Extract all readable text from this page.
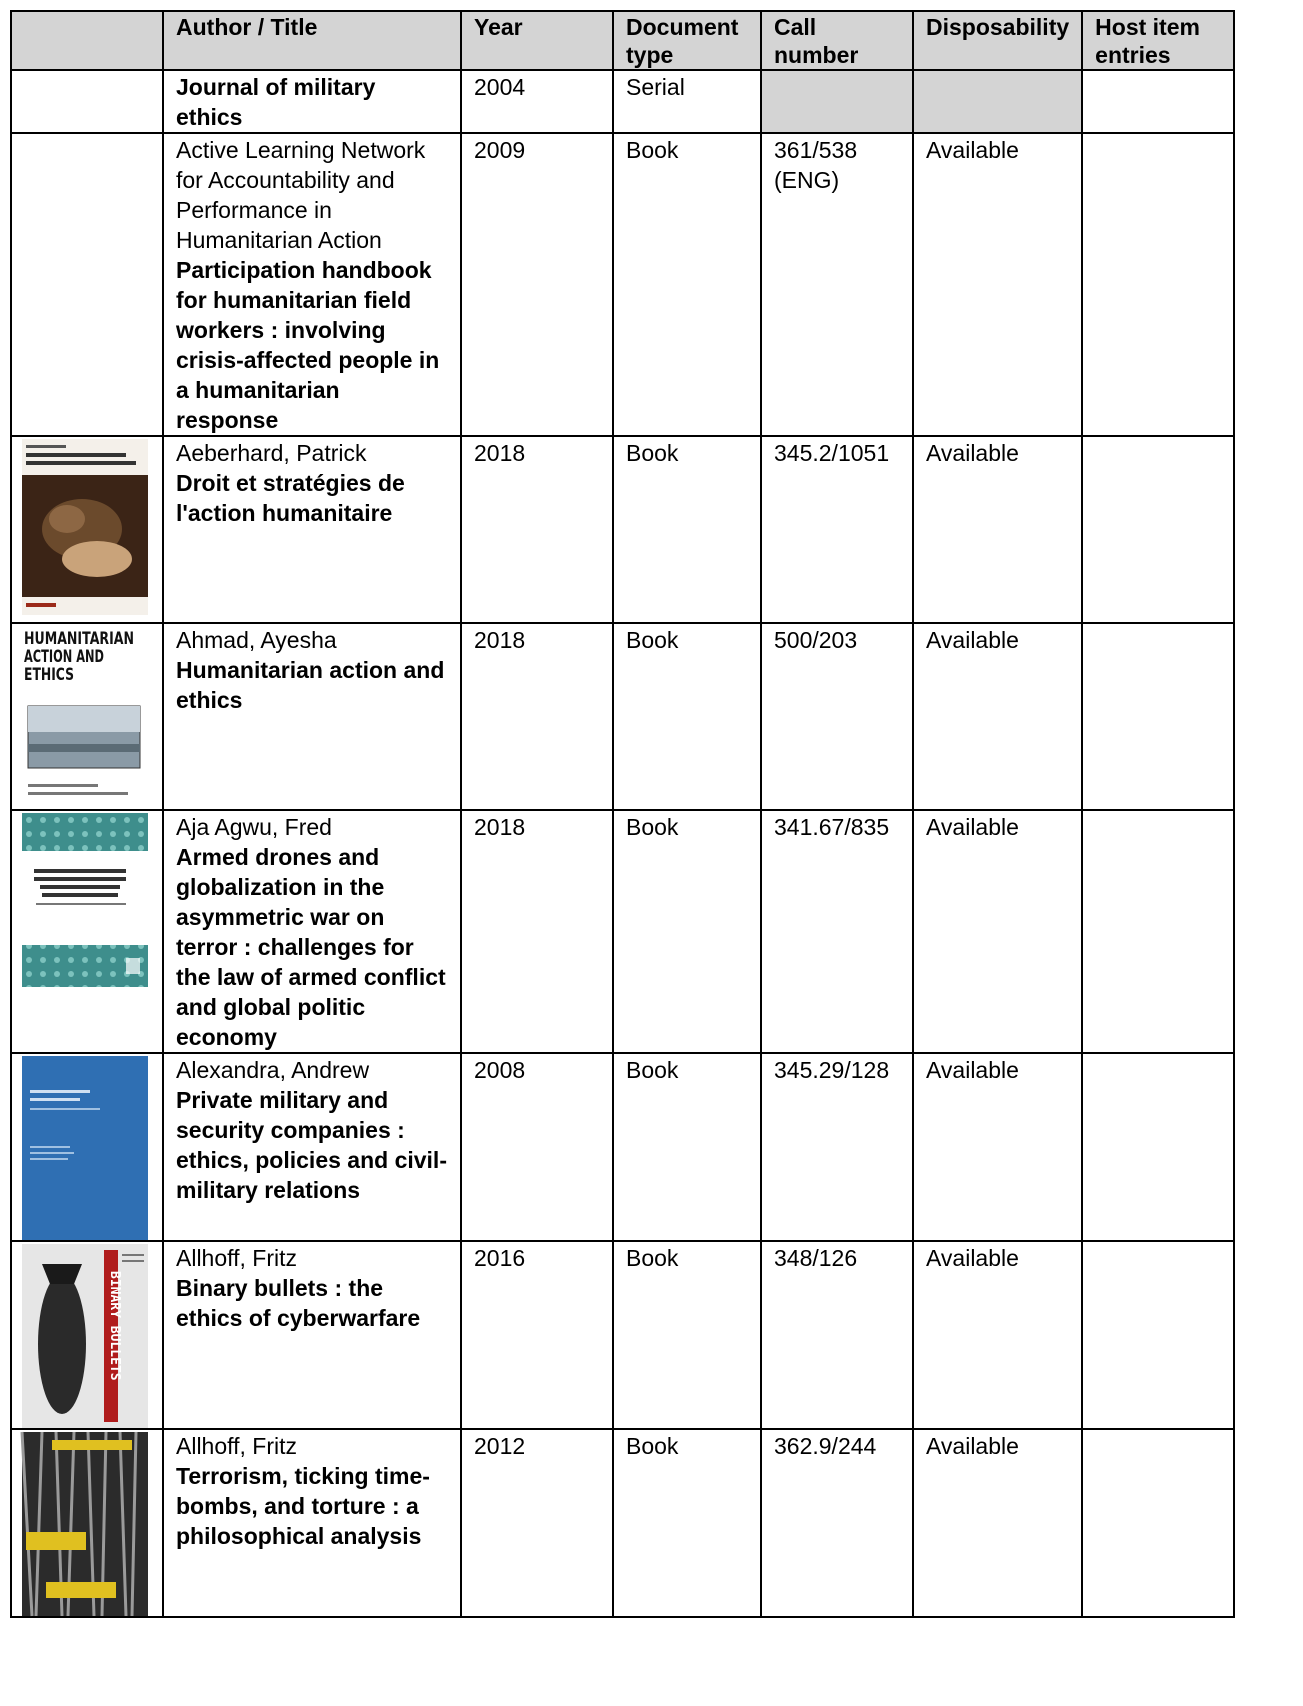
	Author / Title	Year	Document type	Call number	Disposability	Host item entries

	Journal of military ethics	2004	Serial			

	Active Learning Network for Accountability and Performance in Humanitarian Action
Participation handbook for humanitarian field workers : involving crisis-affected people in a humanitarian response	2009	Book	361/538 (ENG)	Available	

Aeberhard, Patrick
Droit et stratégies de l'action humanitaire	2018	Book	345.2/1051	Available	

HUMANITARIAN
ACTION AND
ETHICS	Ahmad, Ayesha
Humanitarian action and ethics	2018	Book	500/203	Available	

Aja Agwu, Fred
Armed drones and globalization in the asymmetric war on terror : challenges for the law of armed conflict and global politic economy	2018	Book	341.67/835	Available	

Alexandra, Andrew
Private military and security companies : ethics, policies and civil-military relations	2008	Book	345.29/128	Available	

BINARY BULLETS	Allhoff, Fritz
Binary bullets : the ethics of cyberwarfare	2016	Book	348/126	Available	

Allhoff, Fritz
Terrorism, ticking time-bombs, and torture : a philosophical analysis	2012	Book	362.9/244	Available	
